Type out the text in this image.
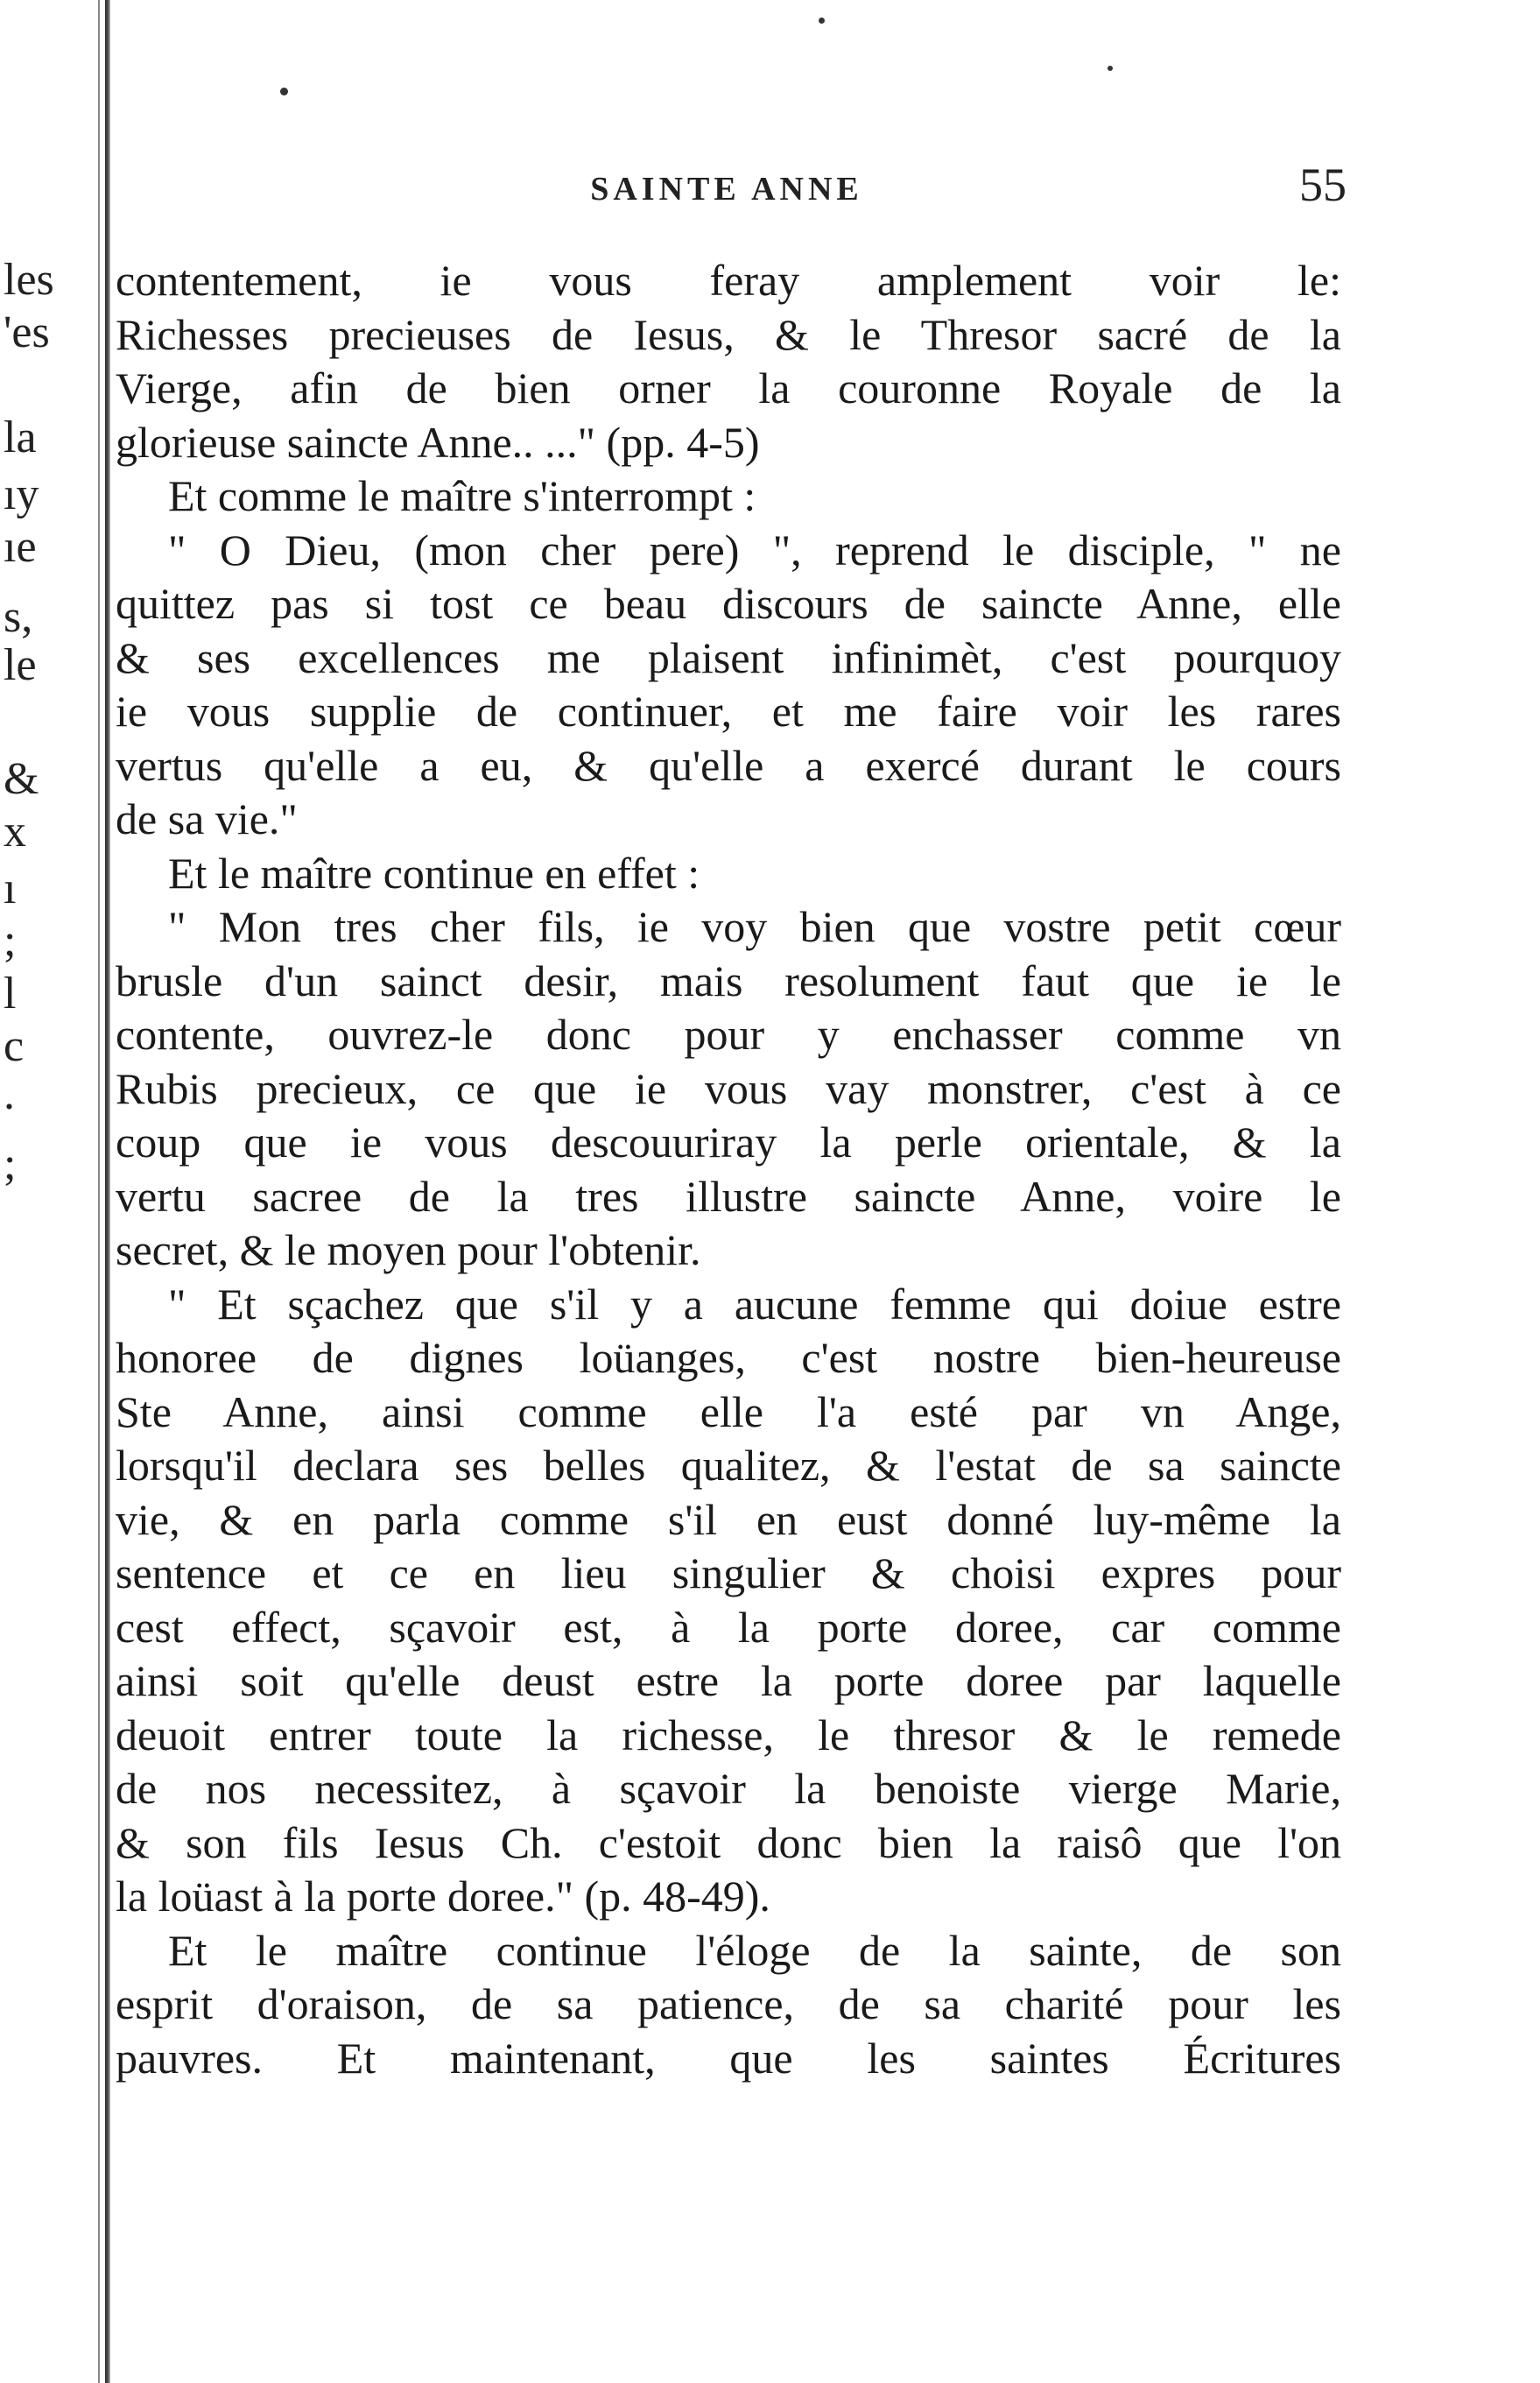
les
'es
la
ıy
ıe
s,
le
&
x
ı
;
l
c
.
;
SAINTE ANNE	55
contentement, ie vous feray amplement voir le:
Richesses precieuses de Iesus, & le Thresor sacré de la
Vierge, afin de bien orner la couronne Royale de la
glorieuse saincte Anne.. ..." (pp. 4-5)
Et comme le maître s'interrompt :
" O Dieu, (mon cher pere) ", reprend le disciple, " ne
quittez pas si tost ce beau discours de saincte Anne, elle
& ses excellences me plaisent infinimèt, c'est pourquoy
ie vous supplie de continuer, et me faire voir les rares
vertus qu'elle a eu, & qu'elle a exercé durant le cours
de sa vie."
Et le maître continue en effet :
" Mon tres cher fils, ie voy bien que vostre petit cœur
brusle d'un sainct desir, mais resolument faut que ie le
contente, ouvrez-le donc pour y enchasser comme vn
Rubis precieux, ce que ie vous vay monstrer, c'est à ce
coup que ie vous descouuriray la perle orientale, & la
vertu sacree de la tres illustre saincte Anne, voire le
secret, & le moyen pour l'obtenir.
" Et sçachez que s'il y a aucune femme qui doiue estre
honoree de dignes loüanges, c'est nostre bien-heureuse
Ste Anne, ainsi comme elle l'a esté par vn Ange,
lorsqu'il declara ses belles qualitez, & l'estat de sa saincte
vie, & en parla comme s'il en eust donné luy-même la
sentence et ce en lieu singulier & choisi expres pour
cest effect, sçavoir est, à la porte doree, car comme
ainsi soit qu'elle deust estre la porte doree par laquelle
deuoit entrer toute la richesse, le thresor & le remede
de nos necessitez, à sçavoir la benoiste vierge Marie,
& son fils Iesus Ch. c'estoit donc bien la raisô que l'on
la loüast à la porte doree." (p. 48-49).
Et le maître continue l'éloge de la sainte, de son
esprit d'oraison, de sa patience, de sa charité pour les
pauvres. Et maintenant, que les saintes Écritures
